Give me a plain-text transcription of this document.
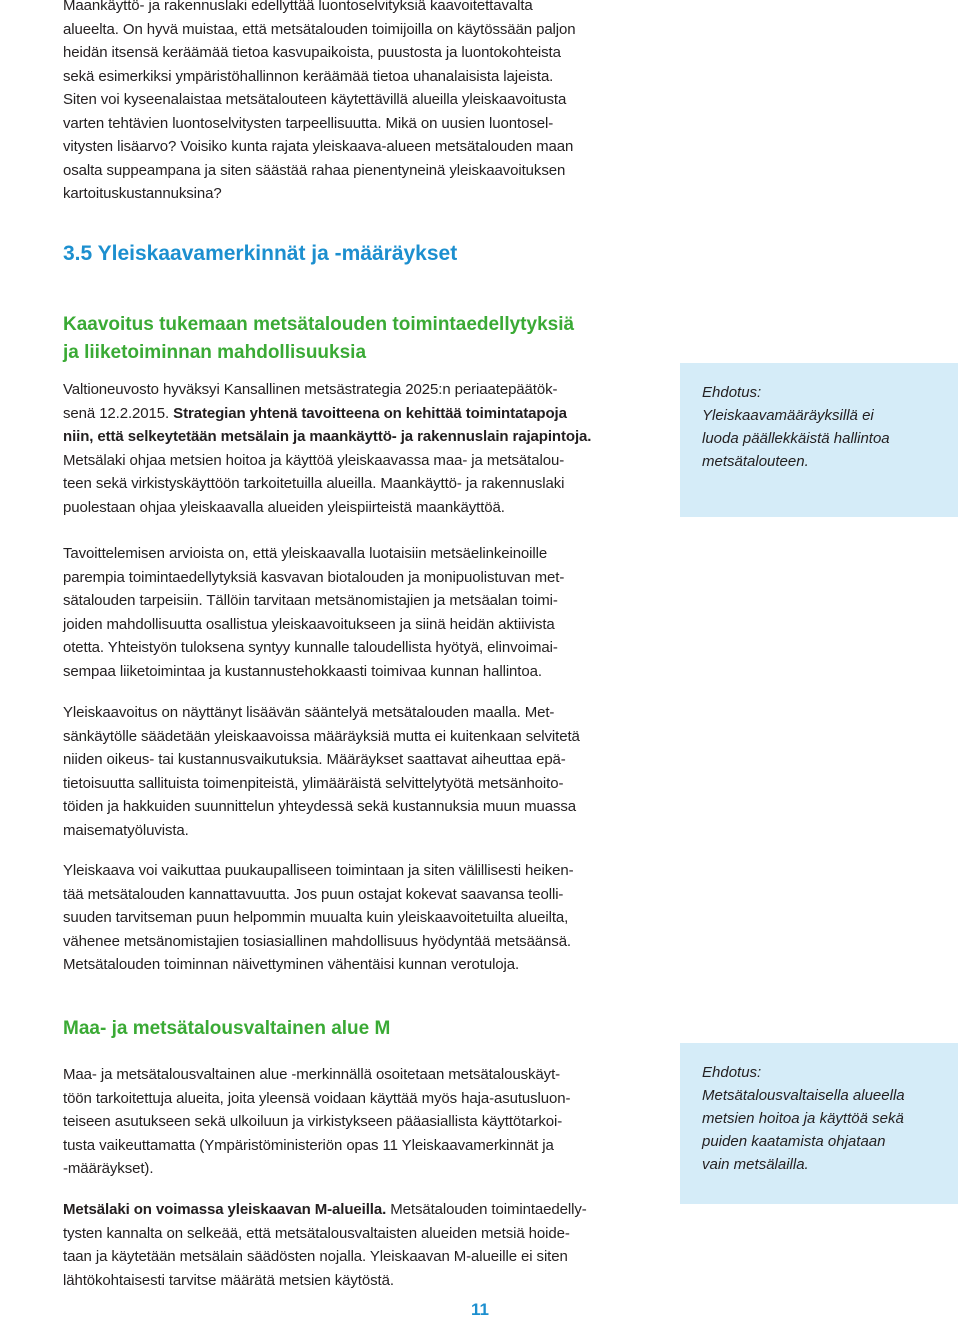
Maankäyttö- ja rakennuslaki edellyttää luontoselvityksiä kaavoitettavalta
alueelta. On hyvä muistaa, että metsätalouden toimijoilla on käytössään paljon
heidän itsensä keräämää tietoa kasvupaikoista, puustosta ja luontokohteista
sekä esimerkiksi ympäristöhallinnon keräämää tietoa uhanalaisista lajeista.
Siten voi kyseenalaistaa metsätalouteen käytettävillä alueilla yleiskaavoitusta
varten tehtävien luontoselvitysten tarpeellisuutta. Mikä on uusien luontosel-
vitysten lisäarvo? Voisiko kunta rajata yleiskaava-alueen metsätalouden maan
osalta suppeampana ja siten säästää rahaa pienentyneinä yleiskaavoituksen
kartoituskustannuksina?

3.5 Yleiskaavamerkinnät ja -määräykset

Kaavoitus tukemaan metsätalouden toimintaedellytyksiä
ja liiketoiminnan mahdollisuuksia

Valtioneuvosto hyväksyi Kansallinen metsästrategia 2025:n periaatepäätök-
senä 12.2.2015. Strategian yhtenä tavoitteena on kehittää toimintatapoja
niin, että selkeytetään metsälain ja maankäyttö- ja rakennuslain rajapintoja.
Metsälaki ohjaa metsien hoitoa ja käyttöä yleiskaavassa maa- ja metsätalou-
teen sekä virkistyskäyttöön tarkoitetuilla alueilla. Maankäyttö- ja rakennuslaki
puolestaan ohjaa yleiskaavalla alueiden yleispiirteistä maankäyttöä.

Tavoittelemisen arvioista on, että yleiskaavalla luotaisiin metsäelinkeinoille
parempia toimintaedellytyksiä kasvavan biotalouden ja monipuolistuvan met-
sätalouden tarpeisiin. Tällöin tarvitaan metsänomistajien ja metsäalan toimi-
joiden mahdollisuutta osallistua yleiskaavoitukseen ja siinä heidän aktiivista
otetta. Yhteistyön tuloksena syntyy kunnalle taloudellista hyötyä, elinvoimai-
sempaa liiketoimintaa ja kustannustehokkaasti toimivaa kunnan hallintoa.

Yleiskaavoitus on näyttänyt lisäävän sääntelyä metsätalouden maalla. Met-
sänkäytölle säädetään yleiskaavoissa määräyksiä mutta ei kuitenkaan selvitetä
niiden oikeus- tai kustannusvaikutuksia. Määräykset saattavat aiheuttaa epä-
tietoisuutta sallituista toimenpiteistä, ylimääräistä selvittelytyötä metsänhoito-
töiden ja hakkuiden suunnittelun yhteydessä sekä kustannuksia muun muassa
maisematyöluvista.

Yleiskaava voi vaikuttaa puukaupalliseen toimintaan ja siten välillisesti heiken-
tää metsätalouden kannattavuutta. Jos puun ostajat kokevat saavansa teolli-
suuden tarvitseman puun helpommin muualta kuin yleiskaavoitetuilta alueilta,
vähenee metsänomistajien tosiasiallinen mahdollisuus hyödyntää metsäänsä.
Metsätalouden toiminnan näivettyminen vähentäisi kunnan verotuloja.

Ehdotus:
Yleiskaavamääräyksillä ei
luoda päällekkäistä hallintoa
metsätalouteen.

Maa- ja metsätalousvaltainen alue M

Maa- ja metsätalousvaltainen alue -merkinnällä osoitetaan metsätalouskäyt-
töön tarkoitettuja alueita, joita yleensä voidaan käyttää myös haja-asutusluon-
teiseen asutukseen sekä ulkoiluun ja virkistykseen pääasiallista käyttötarkoi-
tusta vaikeuttamatta (Ympäristöministeriön opas 11 Yleiskaavamerkinnät ja
-määräykset).

Metsälaki on voimassa yleiskaavan M-alueilla. Metsätalouden toimintaedelly-
tysten kannalta on selkeää, että metsätalousvaltaisten alueiden metsiä hoide-
taan ja käytetään metsälain säädösten nojalla. Yleiskaavan M-alueille ei siten
lähtökohtaisesti tarvitse määrätä metsien käytöstä.

Ehdotus:
Metsätalousvaltaisella alueella
metsien hoitoa ja käyttöä sekä
puiden kaatamista ohjataan
vain metsälailla.
11
